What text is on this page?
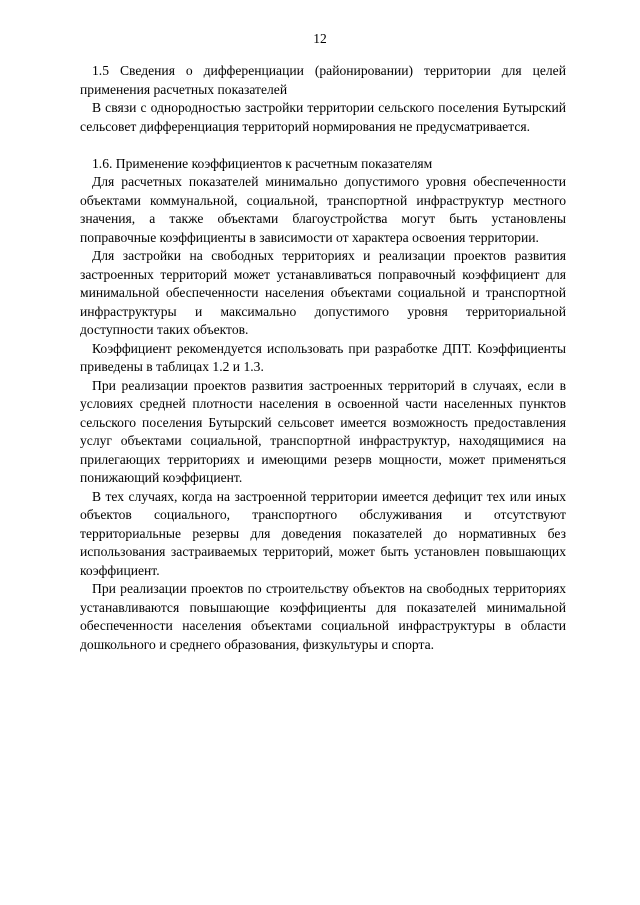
12

1.5 Сведения о дифференциации (районировании) территории для целей применения расчетных показателей

В связи с однородностью застройки территории сельского поселения Бутырский сельсовет дифференциация территорий нормирования не предусматривается.

1.6. Применение коэффициентов к расчетным показателям

Для расчетных показателей минимально допустимого уровня обеспеченности объектами коммунальной, социальной, транспортной инфраструктур местного значения, а также объектами благоустройства могут быть установлены поправочные коэффициенты в зависимости от характера освоения территории.

Для застройки на свободных территориях и реализации проектов развития застроенных территорий может устанавливаться поправочный коэффициент для минимальной обеспеченности населения объектами социальной и транспортной инфраструктуры и максимально допустимого уровня территориальной доступности таких объектов.

Коэффициент рекомендуется использовать при разработке ДПТ. Коэффициенты приведены в таблицах 1.2 и 1.3.

При реализации проектов развития застроенных территорий в случаях, если в условиях средней плотности населения в освоенной части населенных пунктов сельского поселения Бутырский сельсовет имеется возможность предоставления услуг объектами социальной, транспортной инфраструктур, находящимися на прилегающих территориях и имеющими резерв мощности, может применяться понижающий коэффициент.

В тех случаях, когда на застроенной территории имеется дефицит тех или иных объектов социального, транспортного обслуживания и отсутствуют территориальные резервы для доведения показателей до нормативных без использования застраиваемых территорий, может быть установлен повышающих коэффициент.

При реализации проектов по строительству объектов на свободных территориях устанавливаются повышающие коэффициенты для показателей минимальной обеспеченности населения объектами социальной инфраструктуры в области дошкольного и среднего образования, физкультуры и спорта.
